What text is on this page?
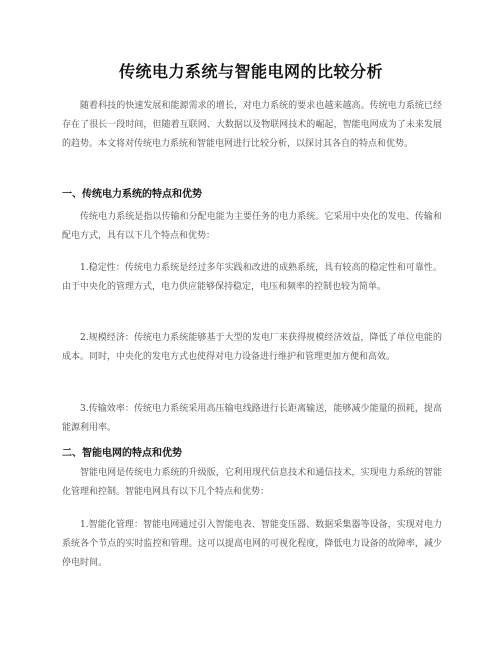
传统电力系统与智能电网的比较分析

随着科技的快速发展和能源需求的增长，对电力系统的要求也越来越高。传统电力系统已经存在了很长一段时间，但随着互联网、大数据以及物联网技术的崛起，智能电网成为了未来发展的趋势。本文将对传统电力系统和智能电网进行比较分析，以探讨其各自的特点和优势。

一、传统电力系统的特点和优势

传统电力系统是指以传输和分配电能为主要任务的电力系统。它采用中央化的发电、传输和配电方式，具有以下几个特点和优势：

1.稳定性：传统电力系统是经过多年实践和改进的成熟系统，具有较高的稳定性和可靠性。由于中央化的管理方式，电力供应能够保持稳定，电压和频率的控制也较为简单。

2.规模经济：传统电力系统能够基于大型的发电厂来获得规模经济效益，降低了单位电能的成本。同时，中央化的发电方式也使得对电力设备进行维护和管理更加方便和高效。

3.传输效率：传统电力系统采用高压输电线路进行长距离输送，能够减少能量的损耗，提高能源利用率。

二、智能电网的特点和优势

智能电网是传统电力系统的升级版，它利用现代信息技术和通信技术，实现电力系统的智能化管理和控制。智能电网具有以下几个特点和优势：

1.智能化管理：智能电网通过引入智能电表、智能变压器、数据采集器等设备，实现对电力系统各个节点的实时监控和管理。这可以提高电网的可视化程度，降低电力设备的故障率，减少停电时间。
